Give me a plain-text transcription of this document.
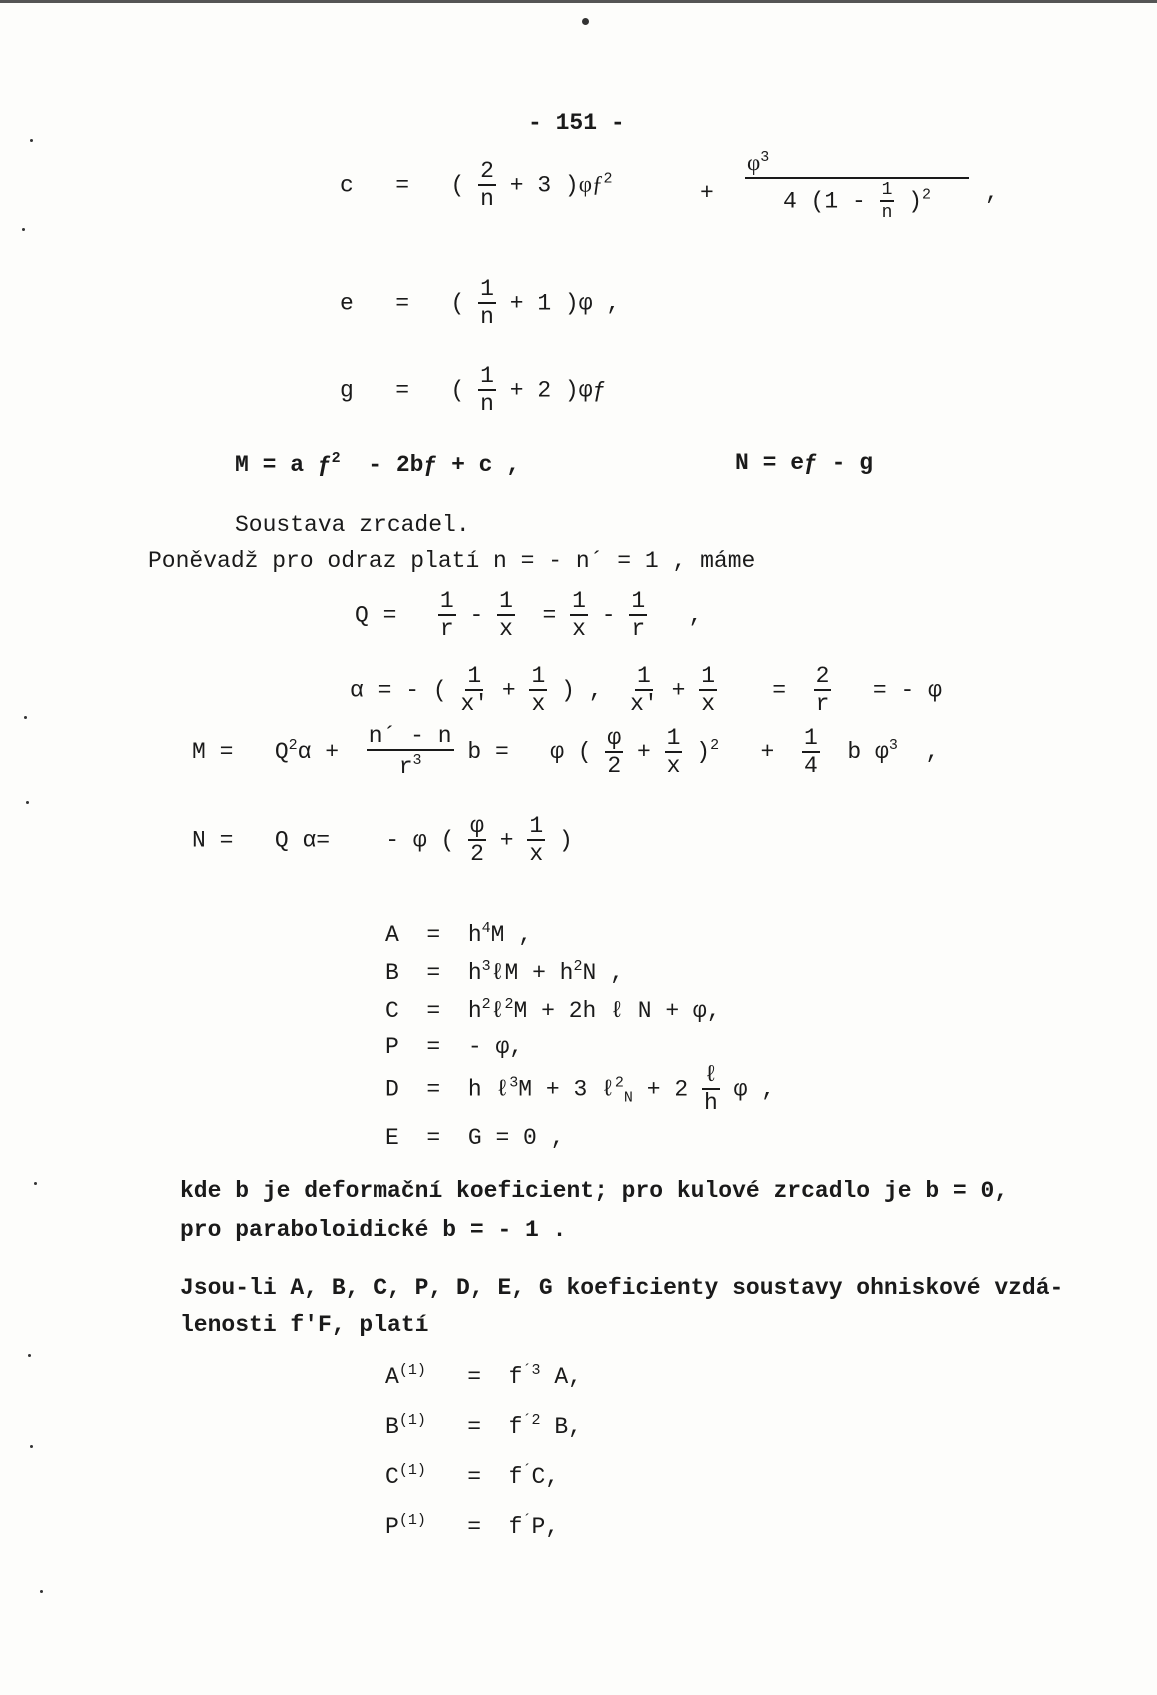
- 151 -
c = ( $\frac{2}{n} + 3$ )$\varphi ƒ^2$
+ $\frac{\varphi^3}{4 (1 - \frac{1}{n} )^2}$ ,
e = ( $\frac{1}{n} + 1$ )φ ,
g = ( $\frac{1}{n} + 2$ )φƒ
M = a $ƒ^2$ - 2bƒ + c ,	N = eƒ - g
Soustava zrcadel.
Poněvadž pro odraz platí n = - n´ = 1 , máme
$Q = \frac{1}{r} - \frac{1}{x} = \frac{1}{x} - \frac{1}{r}$ ,
α = - ( $\frac{1}{x'} + \frac{1}{x}$ ) , $\frac{1}{x'} + \frac{1}{x} = \frac{2}{r}$ = - φ
$M = Q^2\alpha + \frac{n´ - n}{r^3}$ b = φ ( $\frac{\varphi}{2} + \frac{1}{x} )^2 + \frac{1}{4}$ b $\varphi^3$ ,
N = Q α= - φ ( $\frac{\varphi}{2} + \frac{1}{x}$ )
$A = h^4M$ ,
$B = h^3\ell M + h^2N$ ,
$C = h^2\ell^2M + 2h$ ℓ N + φ,
P = - φ,
D = h ℓ$^3$M + 3 ℓ$^2_N$ + $2 \frac{\text{ℓ}}{h}$ φ ,
E = G = 0 ,
kde b je deformační koeficient; pro kulové zrcadlo je b = 0,
pro paraboloidické b = - 1 .
Jsou-li A, B, C, P, D, E, G koeficienty soustavy ohniskové vzdá-
lenosti f'F, platí
$A^{(1)} = f^{´3}$ A,
$B^{(1)} = f^{´2}$ B,
$C^{(1)} = f^´C$,
$P^{(1)} = f^´P$,
